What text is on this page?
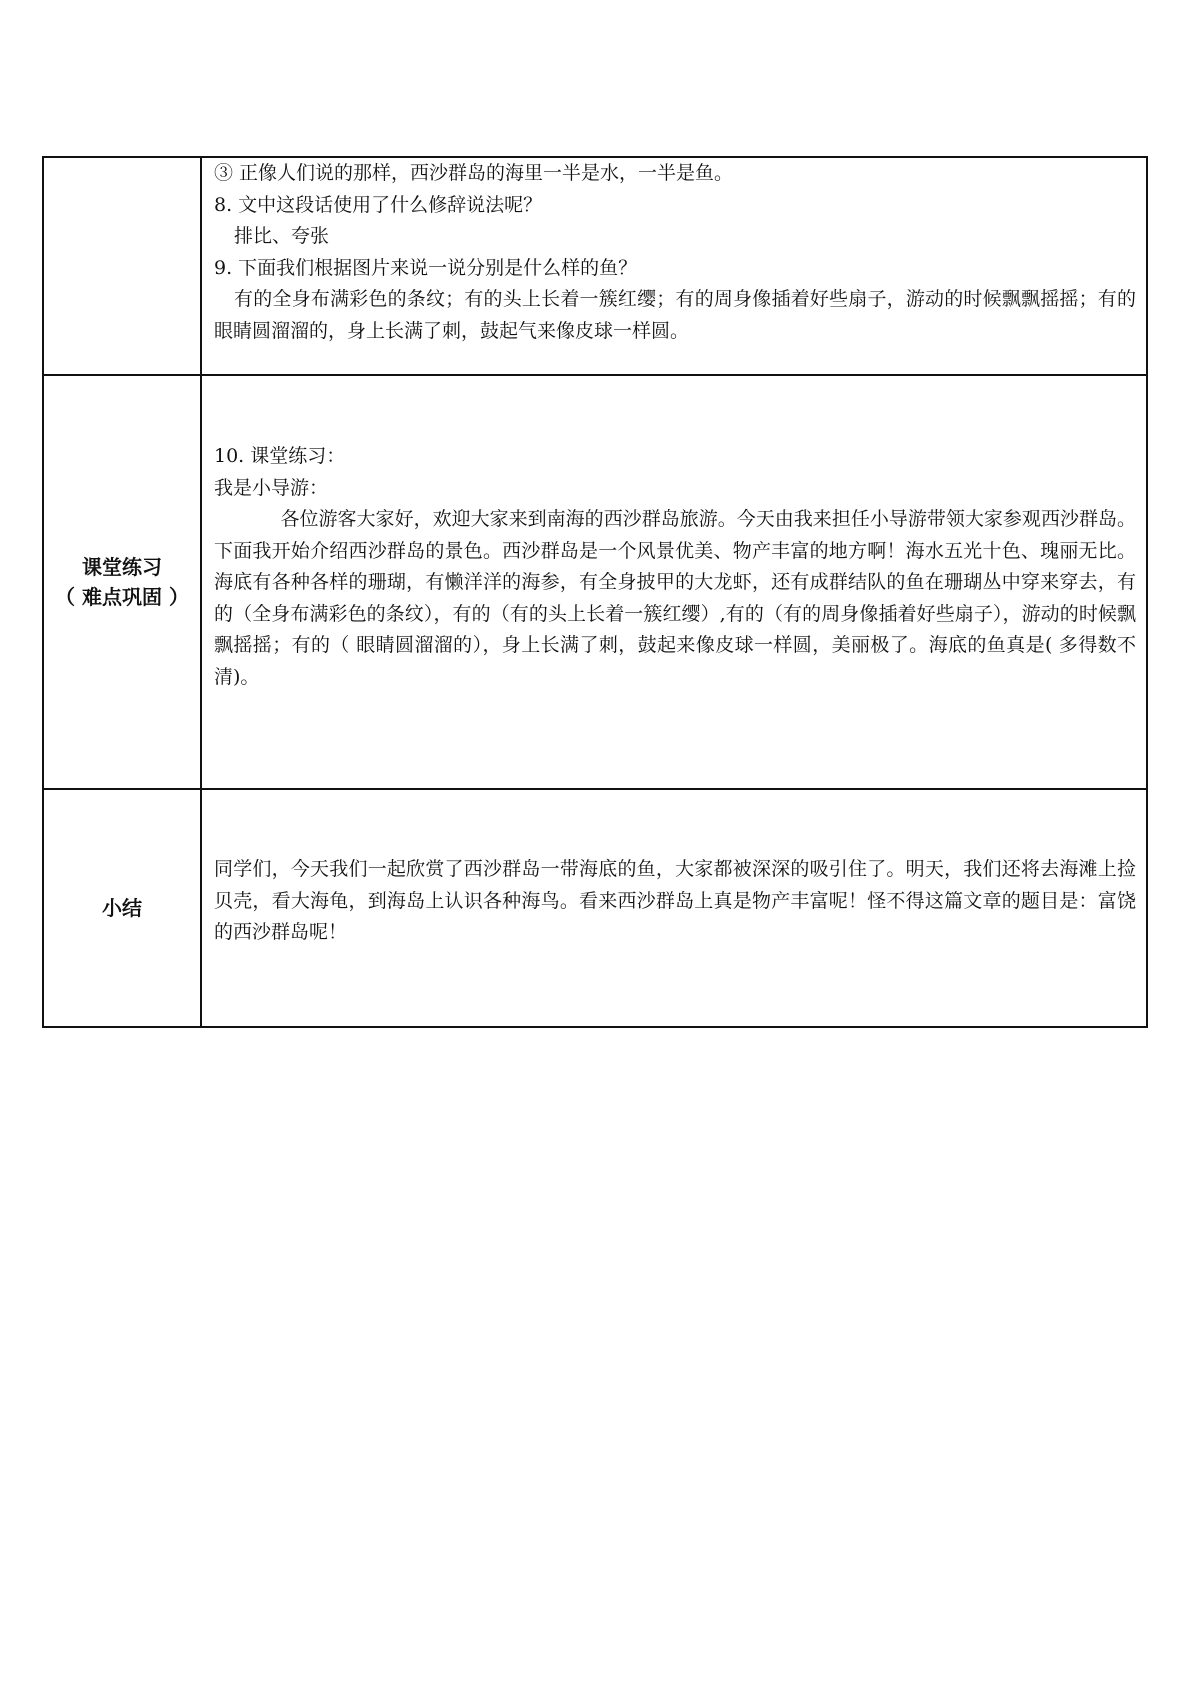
	③ 正像人们说的那样，西沙群岛的海里一半是水，一半是鱼。
8. 文中这段话使用了什么修辞说法呢？
排比、夸张
9. 下面我们根据图片来说一说分别是什么样的鱼？
有的全身布满彩色的条纹；有的头上长着一簇红缨；有的周身像插着好些扇子，游动的时候飘飘摇摇；有的眼睛圆溜溜的，身上长满了刺，鼓起气来像皮球一样圆。

课堂练习
（ 难点巩固 ）	10. 课堂练习：
我是小导游：
各位游客大家好，欢迎大家来到南海的西沙群岛旅游。今天由我来担任小导游带领大家参观西沙群岛。下面我开始介绍西沙群岛的景色。西沙群岛是一个风景优美、物产丰富的地方啊！海水五光十色、瑰丽无比。海底有各种各样的珊瑚，有懒洋洋的海参，有全身披甲的大龙虾，还有成群结队的鱼在珊瑚丛中穿来穿去，有的（全身布满彩色的条纹），有的（有的头上长着一簇红缨）,有的（有的周身像插着好些扇子），游动的时候飘飘摇摇；有的（ 眼睛圆溜溜的），身上长满了刺，鼓起来像皮球一样圆，美丽极了。海底的鱼真是( 多得数不清)。

小结	同学们，今天我们一起欣赏了西沙群岛一带海底的鱼，大家都被深深的吸引住了。明天，我们还将去海滩上捡贝壳，看大海龟，到海岛上认识各种海鸟。看来西沙群岛上真是物产丰富呢！怪不得这篇文章的题目是：富饶的西沙群岛呢！
